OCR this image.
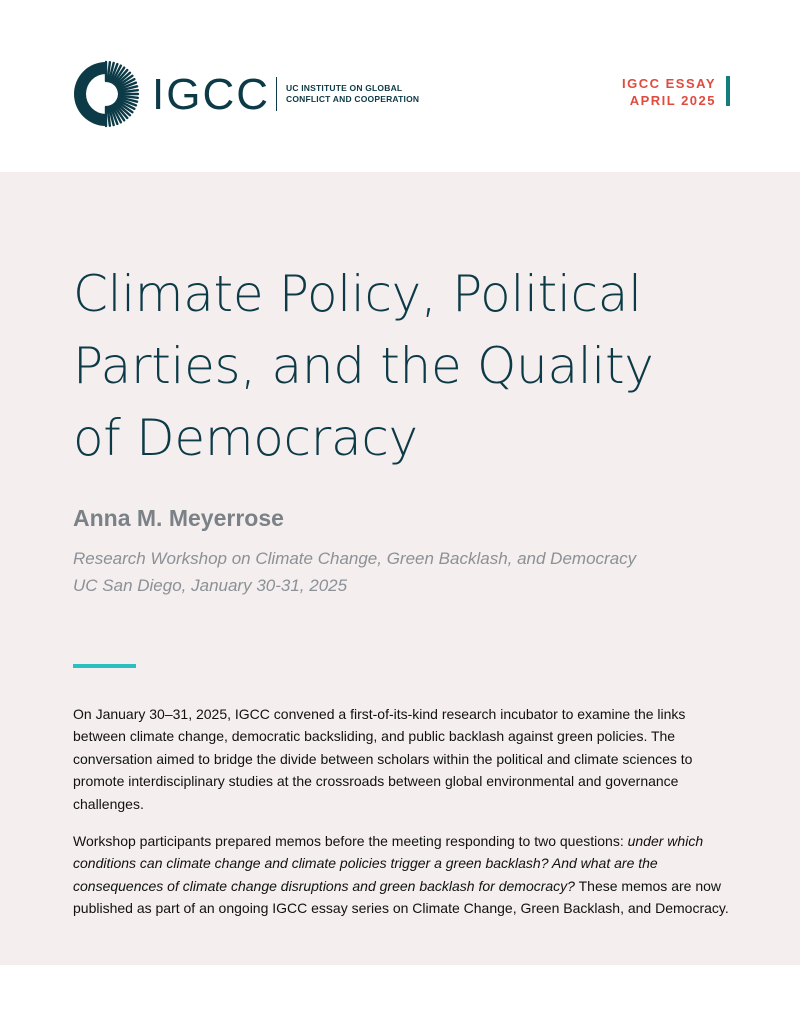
IGCC UC INSTITUTE ON GLOBAL
CONFLICT AND COOPERATION
IGCC ESSAY
APRIL 2025
Climate Policy, Political
Parties, and the Quality
of Democracy

Anna M. Meyerrose

Research Workshop on Climate Change, Green Backlash, and Democracy
UC San Diego, January 30-31, 2025

On January 30–31, 2025, IGCC convened a first-of-its-kind research incubator to examine the links between climate change, democratic backsliding, and public backlash against green policies. The conversation aimed to bridge the divide between scholars within the political and climate sciences to promote interdisciplinary studies at the crossroads between global environmental and governance challenges.

Workshop participants prepared memos before the meeting responding to two questions: under which conditions can climate change and climate policies trigger a green backlash? And what are the consequences of climate change disruptions and green backlash for democracy? These memos are now published as part of an ongoing IGCC essay series on Climate Change, Green Backlash, and Democracy.
